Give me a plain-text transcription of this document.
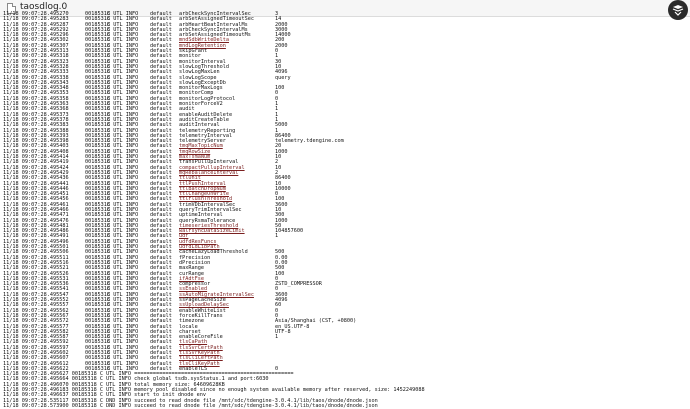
taosdlog.0
11/18 09:07:28.495270	00185318C UTL INFO default arbCheckSyncIntervalSec	3
11/18 09:07:28.495283	00185318C UTL INFO default arbSetAssignedTimeoutSec	14
11/18 09:07:28.495287	00185318C UTL INFO default arbHeartBeatIntervalMs	2000
11/18 09:07:28.495292	00185318C UTL INFO default arbCheckSyncIntervalMs	3000
11/18 09:07:28.495296	00185318C UTL INFO default arbSetAssignedTimeoutMs	14000
11/18 09:07:28.495302	00185318C UTL INFO default mndSdbWriteDelta	200
11/18 09:07:28.495307	00185318C UTL INFO default mndLogRetention	2000
11/18 09:07:28.495313	00185318C UTL INFO default skipGrant	0
11/18 09:07:28.495318	00185318C UTL INFO default monitor	1
11/18 09:07:28.495323	00185318C UTL INFO default monitorInterval	30
11/18 09:07:28.495328	00185318C UTL INFO default slowLogThreshold	10
11/18 09:07:28.495333	00185318C UTL INFO default slowLogMaxLen	4096
11/18 09:07:28.495338	00185318C UTL INFO default slowLogScope	query
11/18 09:07:28.495343	00185318C UTL INFO default slowLogExceptDb
11/18 09:07:28.495348	00185318C UTL INFO default monitorMaxLogs	100
11/18 09:07:28.495353	00185318C UTL INFO default monitorComp	0
11/18 09:07:28.495358	00185318C UTL INFO default monitorLogProtocol	0
11/18 09:07:28.495363	00185318C UTL INFO default monitorForceV2	1
11/18 09:07:28.495368	00185318C UTL INFO default audit	1
11/18 09:07:28.495373	00185318C UTL INFO default enableAuditDelete	1
11/18 09:07:28.495378	00185318C UTL INFO default auditCreateTable	1
11/18 09:07:28.495383	00185318C UTL INFO default auditInterval	5000
11/18 09:07:28.495388	00185318C UTL INFO default telemetryReporting	1
11/18 09:07:28.495393	00185318C UTL INFO default telemetryInterval	86400
11/18 09:07:28.495398	00185318C UTL INFO default telemetryServer	telemetry.tdengine.com
11/18 09:07:28.495403	00185318C UTL INFO default tmqMaxTopicNum	20
11/18 09:07:28.495408	00185318C UTL INFO default tmqRowSize	1000
11/18 09:07:28.495414	00185318C UTL INFO default maxTsmaNum	10
11/18 09:07:28.495419	00185318C UTL INFO default transPullupInterval	2
11/18 09:07:28.495424	00185318C UTL INFO default compactPullupInterval	10
11/18 09:07:28.495429	00185318C UTL INFO default mqRebalanceInterval	2
11/18 09:07:28.495436	00185318C UTL INFO default ttlUnit	86400
11/18 09:07:28.495441	00185318C UTL INFO default ttlPushInterval	10
11/18 09:07:28.495446	00185318C UTL INFO default ttlBatchDropNum	10000
11/18 09:07:28.495451	00185318C UTL INFO default ttlChangeOnWrite	0
11/18 09:07:28.495456	00185318C UTL INFO default ttlFlushThreshold	100
11/18 09:07:28.495461	00185318C UTL INFO default trimVDbIntervalSec	3600
11/18 09:07:28.495466	00185318C UTL INFO default queryTrimIntervalSec	10
11/18 09:07:28.495471	00185318C UTL INFO default uptimeInterval	300
11/18 09:07:28.495476	00185318C UTL INFO default queryRsmaTolerance	1000
11/18 09:07:28.495481	00185318C UTL INFO default timeseriesThreshold	50
11/18 09:07:28.495486	00185318C UTL INFO default walFsyncDataSizeLimit	104857600
11/18 09:07:28.495491	00185318C UTL INFO default udf	1
11/18 09:07:28.495496	00185318C UTL INFO default udfdResFuncs
11/18 09:07:28.495501	00185318C UTL INFO default udfdLdLibPath
11/18 09:07:28.495506	00185318C UTL INFO default cacheLazyLoadThreshold	500
11/18 09:07:28.495511	00185318C UTL INFO default fPrecision	0.00
11/18 09:07:28.495516	00185318C UTL INFO default dPrecision	0.00
11/18 09:07:28.495521	00185318C UTL INFO default maxRange	500
11/18 09:07:28.495526	00185318C UTL INFO default curRange	100
11/18 09:07:28.495531	00185318C UTL INFO default ifAdtFse	0
11/18 09:07:28.495536	00185318C UTL INFO default compressor	ZSTD_COMPRESSOR
11/18 09:07:28.495541	00185318C UTL INFO default ssEnabled	0
11/18 09:07:28.495547	00185318C UTL INFO default ssAutoMigrateIntervalSec	3600
11/18 09:07:28.495552	00185318C UTL INFO default ssPageCacheSize	4096
11/18 09:07:28.495557	00185318C UTL INFO default ssUploadDelaySec	60
11/18 09:07:28.495562	00185318C UTL INFO default enableWhiteList	0
11/18 09:07:28.495567	00185318C UTL INFO default forceKillTrans	0
11/18 09:07:28.495572	00185318C UTL INFO default timezone	Asia/Shanghai (CST, +0800)
11/18 09:07:28.495577	00185318C UTL INFO default locale	en_US.UTF-8
11/18 09:07:28.495582	00185318C UTL INFO default charset	UTF-8
11/18 09:07:28.495587	00185318C UTL INFO default enableCoreFile	1
11/18 09:07:28.495592	00185318C UTL INFO default tlsCaPath
11/18 09:07:28.495597	00185318C UTL INFO default tlsSvrCertPath
11/18 09:07:28.495602	00185318C UTL INFO default tlsSvrKeyPath
11/18 09:07:28.495607	00185318C UTL INFO default tlsCliCertPath
11/18 09:07:28.495612	00185318C UTL INFO default tlsCliKeyPath
11/18 09:07:28.495622	00185318C UTL INFO default enableTLS	0
11/18 09:07:28.495627 00185318 C UTL INFO ===================================================
11/18 09:07:28.495664 00185318 C UTL INFO check global tsdb.sysStatus.1 and port:6030
11/18 09:07:28.496070 00185318 C UTL INFO total memory size: 64609628KB
11/18 09:07:28.496183 00185318 C UTL INFO memory pool disabled since no enough system available memory after reserved, size: 1452249088
11/18 09:07:28.496637 00185318 C UTL INFO start to init dnode env
11/18 09:07:28.535117 00185318 C DND INFO succeed to read dnode file /mnt/sdc/tdengine-3.0.4.1/lib/taos/dnode/dnode.json
11/18 09:07:28.573900 00185318 C DND INFO succeed to read dnode file /mnt/sdc/tdengine-3.0.4.1/lib/taos/dnode/dnode.json
